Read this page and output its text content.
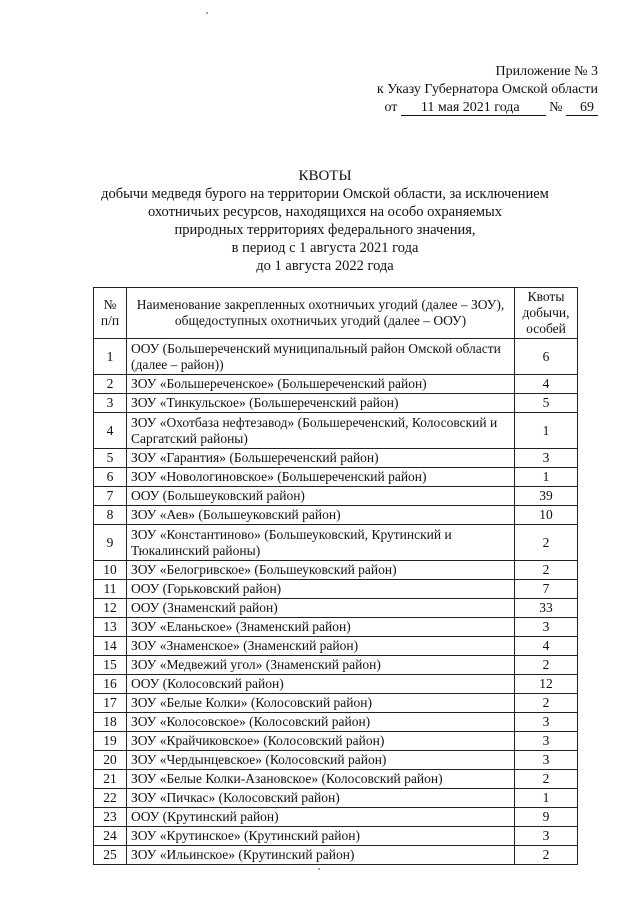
Приложение № 3
к Указу Губернатора Омской области
от 11 мая 2021 года № 69
КВОТЫ
добычи медведя бурого на территории Омской области, за исключением
охотничьих ресурсов, находящихся на особо охраняемых
природных территориях федерального значения,
в период с 1 августа 2021 года
до 1 августа 2022 года
№ п/п	Наименование закрепленных охотничьих угодий (далее – ЗОУ), общедоступных охотничьих угодий (далее – ООУ)	Квоты добычи, особей
1	ООУ (Большереченский муниципальный район Омской области (далее – район))	6
2	ЗОУ «Большереченское» (Большереченский район)	4
3	ЗОУ «Тинкульское» (Большереченский район)	5
4	ЗОУ «Охотбаза нефтезавод» (Большереченский, Колосовский и Саргатский районы)	1
5	ЗОУ «Гарантия» (Большереченский район)	3
6	ЗОУ «Новологиновское» (Большереченский район)	1
7	ООУ (Большеуковский район)	39
8	ЗОУ «Аев» (Большеуковский район)	10
9	ЗОУ «Константиново» (Большеуковский, Крутинский и Тюкалинский районы)	2
10	ЗОУ «Белогривское» (Большеуковский район)	2
11	ООУ (Горьковский район)	7
12	ООУ (Знаменский район)	33
13	ЗОУ «Еланьское» (Знаменский район)	3
14	ЗОУ «Знаменское» (Знаменский район)	4
15	ЗОУ «Медвежий угол» (Знаменский район)	2
16	ООУ (Колосовский район)	12
17	ЗОУ «Белые Колки» (Колосовский район)	2
18	ЗОУ «Колосовское» (Колосовский район)	3
19	ЗОУ «Крайчиковское» (Колосовский район)	3
20	ЗОУ «Чердынцевское» (Колосовский район)	3
21	ЗОУ «Белые Колки-Азановское» (Колосовский район)	2
22	ЗОУ «Пичкас» (Колосовский район)	1
23	ООУ (Крутинский район)	9
24	ЗОУ «Крутинское» (Крутинский район)	3
25	ЗОУ «Ильинское» (Крутинский район)	2
